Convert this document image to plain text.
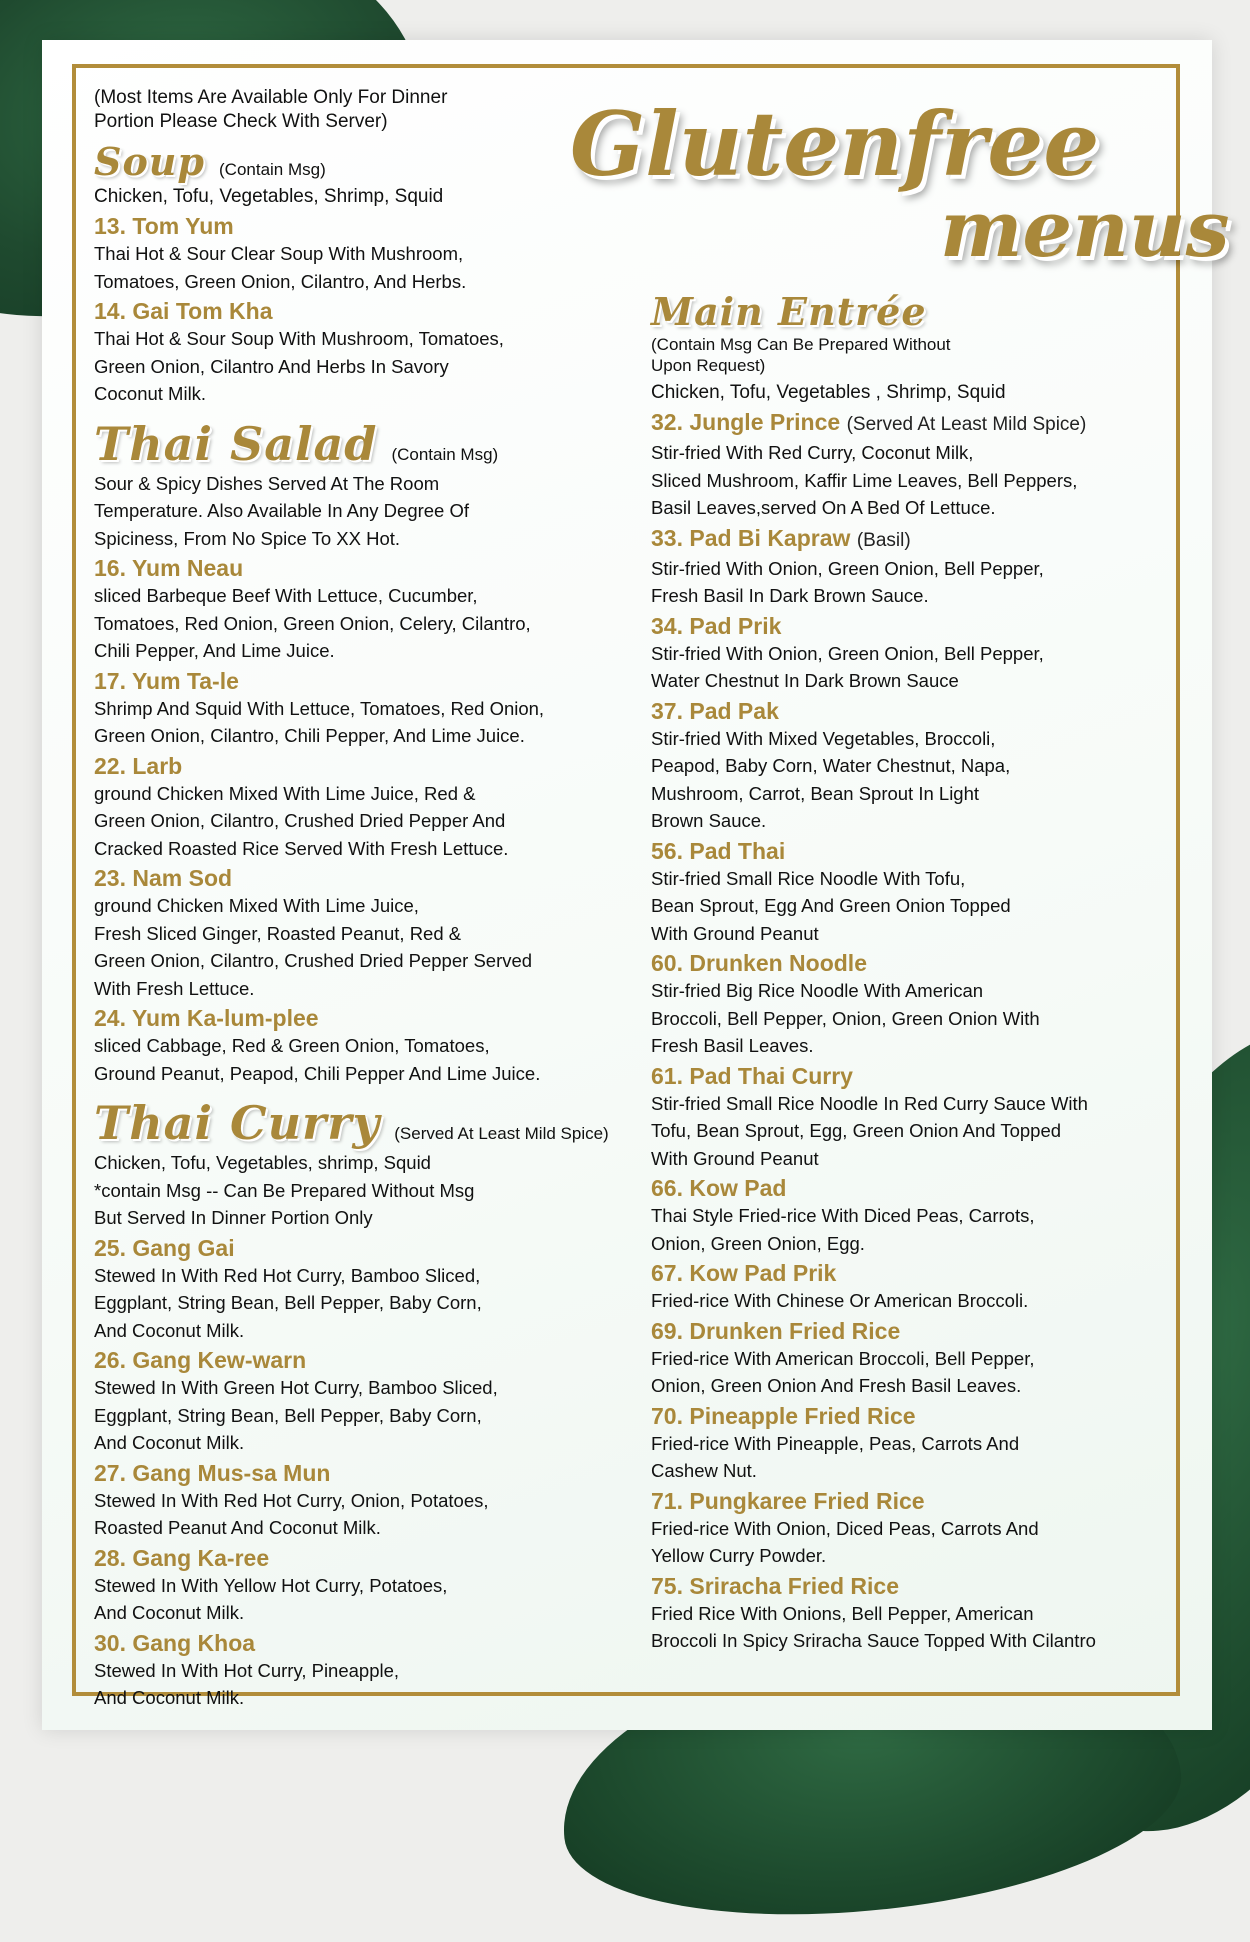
Glutenfree
menus
(Most Items Are Available Only For Dinner
Portion Please Check With Server)
Soup (Contain Msg)
Chicken, Tofu, Vegetables, Shrimp, Squid
13. Tom Yum
Thai Hot & Sour Clear Soup With Mushroom,
Tomatoes, Green Onion, Cilantro, And Herbs.
14. Gai Tom Kha
Thai Hot & Sour Soup With Mushroom, Tomatoes,
Green Onion, Cilantro And Herbs In Savory
Coconut Milk.
Thai Salad (Contain Msg)
Sour & Spicy Dishes Served At The Room
Temperature. Also Available In Any Degree Of
Spiciness, From No Spice To XX Hot.
16. Yum Neau
sliced Barbeque Beef With Lettuce, Cucumber,
Tomatoes, Red Onion, Green Onion, Celery, Cilantro,
Chili Pepper, And Lime Juice.
17. Yum Ta-le
Shrimp And Squid With Lettuce, Tomatoes, Red Onion,
Green Onion, Cilantro, Chili Pepper, And Lime Juice.
22. Larb
ground Chicken Mixed With Lime Juice, Red &
Green Onion, Cilantro, Crushed Dried Pepper And
Cracked Roasted Rice Served With Fresh Lettuce.
23. Nam Sod
ground Chicken Mixed With Lime Juice,
Fresh Sliced Ginger, Roasted Peanut, Red &
Green Onion, Cilantro, Crushed Dried Pepper Served
With Fresh Lettuce.
24. Yum Ka-lum-plee
sliced Cabbage, Red & Green Onion, Tomatoes,
Ground Peanut, Peapod, Chili Pepper And Lime Juice.
Thai Curry (Served At Least Mild Spice)
Chicken, Tofu, Vegetables, shrimp, Squid
*contain Msg -- Can Be Prepared Without Msg
But Served In Dinner Portion Only
25. Gang Gai
Stewed In With Red Hot Curry, Bamboo Sliced,
Eggplant, String Bean, Bell Pepper, Baby Corn,
And Coconut Milk.
26. Gang Kew-warn
Stewed In With Green Hot Curry, Bamboo Sliced,
Eggplant, String Bean, Bell Pepper, Baby Corn,
And Coconut Milk.
27. Gang Mus-sa Mun
Stewed In With Red Hot Curry, Onion, Potatoes,
Roasted Peanut And Coconut Milk.
28. Gang Ka-ree
Stewed In With Yellow Hot Curry, Potatoes,
And Coconut Milk.
30. Gang Khoa
Stewed In With Hot Curry, Pineapple,
And Coconut Milk.
Main Entrée
(Contain Msg Can Be Prepared Without
Upon Request)
Chicken, Tofu, Vegetables , Shrimp, Squid
32. Jungle Prince (Served At Least Mild Spice)
Stir-fried With Red Curry, Coconut Milk,
Sliced Mushroom, Kaffir Lime Leaves, Bell Peppers,
Basil Leaves,served On A Bed Of Lettuce.
33. Pad Bi Kapraw (Basil)
Stir-fried With Onion, Green Onion, Bell Pepper,
Fresh Basil In Dark Brown Sauce.
34. Pad Prik
Stir-fried With Onion, Green Onion, Bell Pepper,
Water Chestnut In Dark Brown Sauce
37. Pad Pak
Stir-fried With Mixed Vegetables, Broccoli,
Peapod, Baby Corn, Water Chestnut, Napa,
Mushroom, Carrot, Bean Sprout In Light
Brown Sauce.
56. Pad Thai
Stir-fried Small Rice Noodle With Tofu,
Bean Sprout, Egg And Green Onion Topped
With Ground Peanut
60. Drunken Noodle
Stir-fried Big Rice Noodle With American
Broccoli, Bell Pepper, Onion, Green Onion With
Fresh Basil Leaves.
61. Pad Thai Curry
Stir-fried Small Rice Noodle In Red Curry Sauce With
Tofu, Bean Sprout, Egg, Green Onion And Topped
With Ground Peanut
66. Kow Pad
Thai Style Fried-rice With Diced Peas, Carrots,
Onion, Green Onion, Egg.
67. Kow Pad Prik
Fried-rice With Chinese Or American Broccoli.
69. Drunken Fried Rice
Fried-rice With American Broccoli, Bell Pepper,
Onion, Green Onion And Fresh Basil Leaves.
70. Pineapple Fried Rice
Fried-rice With Pineapple, Peas, Carrots And
Cashew Nut.
71. Pungkaree Fried Rice
Fried-rice With Onion, Diced Peas, Carrots And
Yellow Curry Powder.
75. Sriracha Fried Rice
Fried Rice With Onions, Bell Pepper, American
Broccoli In Spicy Sriracha Sauce Topped With Cilantro
